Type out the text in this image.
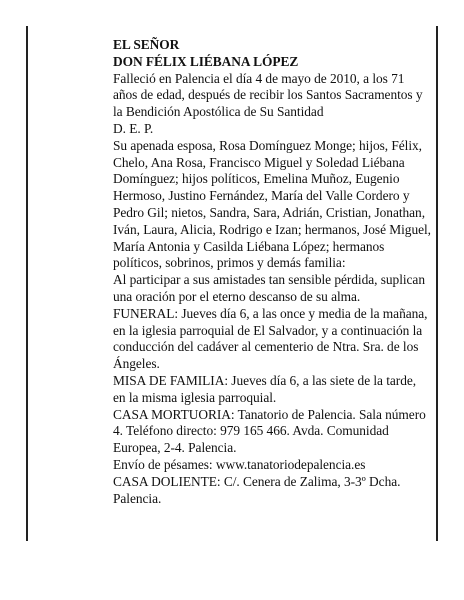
EL SEÑOR

DON FÉLIX LIÉBANA LÓPEZ

Falleció en Palencia el día 4 de mayo de 2010, a los 71 años de edad, después de recibir los Santos Sacramentos y la Bendición Apostólica de Su Santidad

D. E. P.

Su apenada esposa, Rosa Domínguez Monge; hijos, Félix, Chelo, Ana Rosa, Francisco Miguel y Soledad Liébana Domínguez; hijos políticos, Emelina Muñoz, Eugenio Hermoso, Justino Fernández, María del Valle Cordero y Pedro Gil; nietos, Sandra, Sara, Adrián, Cristian, Jonathan, Iván, Laura, Alicia, Rodrigo e Izan; hermanos, José Miguel, María Antonia y Casilda Liébana López; hermanos políticos, sobrinos, primos y demás familia:

Al participar a sus amistades tan sensible pérdida, suplican una oración por el eterno descanso de su alma.

FUNERAL: Jueves día 6, a las once y media de la mañana, en la iglesia parroquial de El Salvador, y a continuación la conducción del cadáver al cementerio de Ntra. Sra. de los Ángeles.

MISA DE FAMILIA: Jueves día 6, a las siete de la tarde, en la misma iglesia parroquial.

CASA MORTUORIA: Tanatorio de Palencia. Sala número 4. Teléfono directo: 979 165 466. Avda. Comunidad Europea, 2-4. Palencia.

Envío de pésames: www.tanatoriodepalencia.es

CASA DOLIENTE: C/. Cenera de Zalima, 3-3º Dcha. Palencia.
